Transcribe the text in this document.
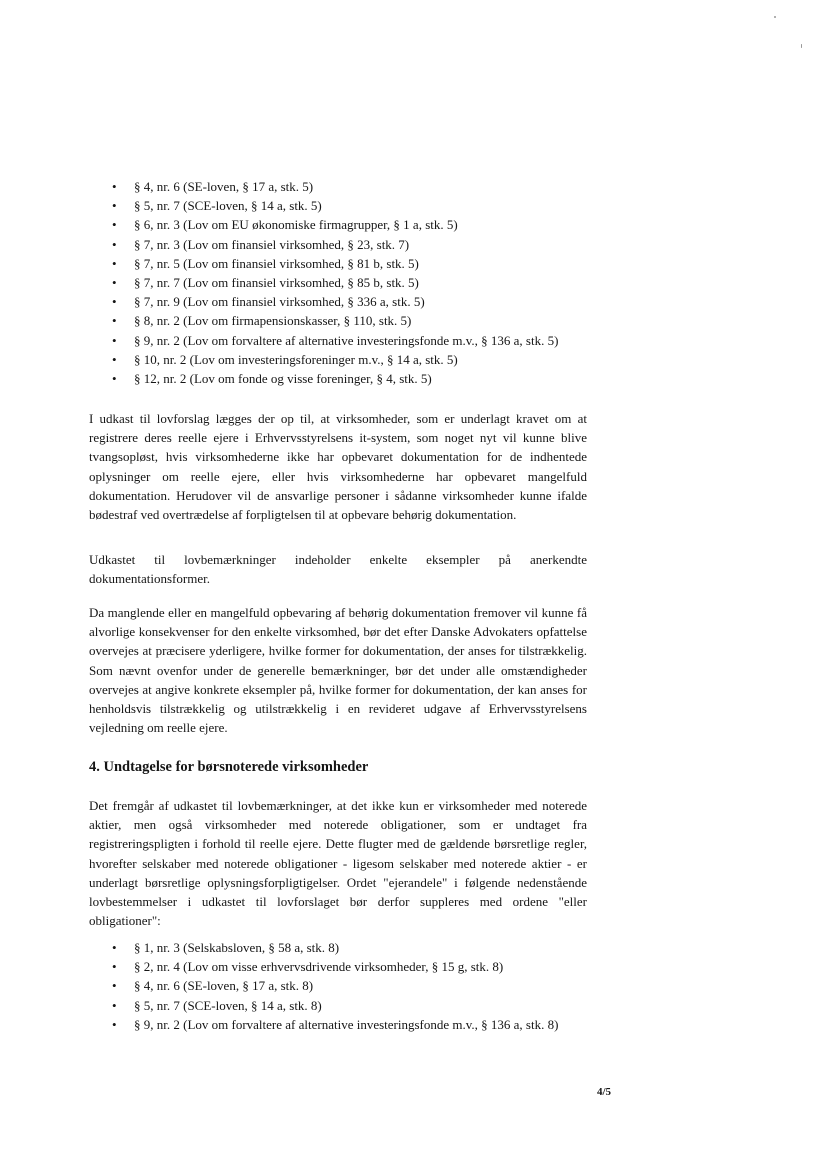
• § 4, nr. 6 (SE-loven, § 17 a, stk. 5)
• § 5, nr. 7 (SCE-loven, § 14 a, stk. 5)
• § 6, nr. 3 (Lov om EU økonomiske firmagrupper, § 1 a, stk. 5)
• § 7, nr. 3 (Lov om finansiel virksomhed, § 23, stk. 7)
• § 7, nr. 5 (Lov om finansiel virksomhed, § 81 b, stk. 5)
• § 7, nr. 7 (Lov om finansiel virksomhed, § 85 b, stk. 5)
• § 7, nr. 9 (Lov om finansiel virksomhed, § 336 a, stk. 5)
• § 8, nr. 2 (Lov om firmapensionskasser, § 110, stk. 5)
• § 9, nr. 2 (Lov om forvaltere af alternative investeringsfonde m.v., § 136 a, stk. 5)
• § 10, nr. 2 (Lov om investeringsforeninger m.v., § 14 a, stk. 5)
• § 12, nr. 2 (Lov om fonde og visse foreninger, § 4, stk. 5)

I udkast til lovforslag lægges der op til, at virksomheder, som er underlagt kravet om at registrere deres reelle ejere i Erhvervsstyrelsens it-system, som noget nyt vil kunne blive tvangsopløst, hvis virksomhederne ikke har opbevaret dokumentation for de indhentede oplysninger om reelle ejere, eller hvis virksomhederne har opbevaret mangelfuld dokumentation. Herudover vil de ansvarlige personer i sådanne virksomheder kunne ifalde bødestraf ved overtrædelse af forpligtelsen til at opbevare behørig dokumentation.

Udkastet til lovbemærkninger indeholder enkelte eksempler på anerkendte dokumentationsformer.

Da manglende eller en mangelfuld opbevaring af behørig dokumentation fremover vil kunne få alvorlige konsekvenser for den enkelte virksomhed, bør det efter Danske Advokaters opfattelse overvejes at præcisere yderligere, hvilke former for dokumentation, der anses for tilstrækkelig. Som nævnt ovenfor under de generelle bemærkninger, bør det under alle omstændigheder overvejes at angive konkrete eksempler på, hvilke former for dokumentation, der kan anses for henholdsvis tilstrækkelig og utilstrækkelig i en revideret udgave af Erhvervsstyrelsens vejledning om reelle ejere.

4. Undtagelse for børsnoterede virksomheder

Det fremgår af udkastet til lovbemærkninger, at det ikke kun er virksomheder med noterede aktier, men også virksomheder med noterede obligationer, som er undtaget fra registreringspligten i forhold til reelle ejere. Dette flugter med de gældende børsretlige regler, hvorefter selskaber med noterede obligationer - ligesom selskaber med noterede aktier - er underlagt børsretlige oplysningsforpligtigelser. Ordet "ejerandele" i følgende nedenstående lovbestemmelser i udkastet til lovforslaget bør derfor suppleres med ordene "eller obligationer":

• § 1, nr. 3 (Selskabsloven, § 58 a, stk. 8)
• § 2, nr. 4 (Lov om visse erhvervsdrivende virksomheder, § 15 g, stk. 8)
• § 4, nr. 6 (SE-loven, § 17 a, stk. 8)
• § 5, nr. 7 (SCE-loven, § 14 a, stk. 8)
• § 9, nr. 2 (Lov om forvaltere af alternative investeringsfonde m.v., § 136 a, stk. 8)
4/5
